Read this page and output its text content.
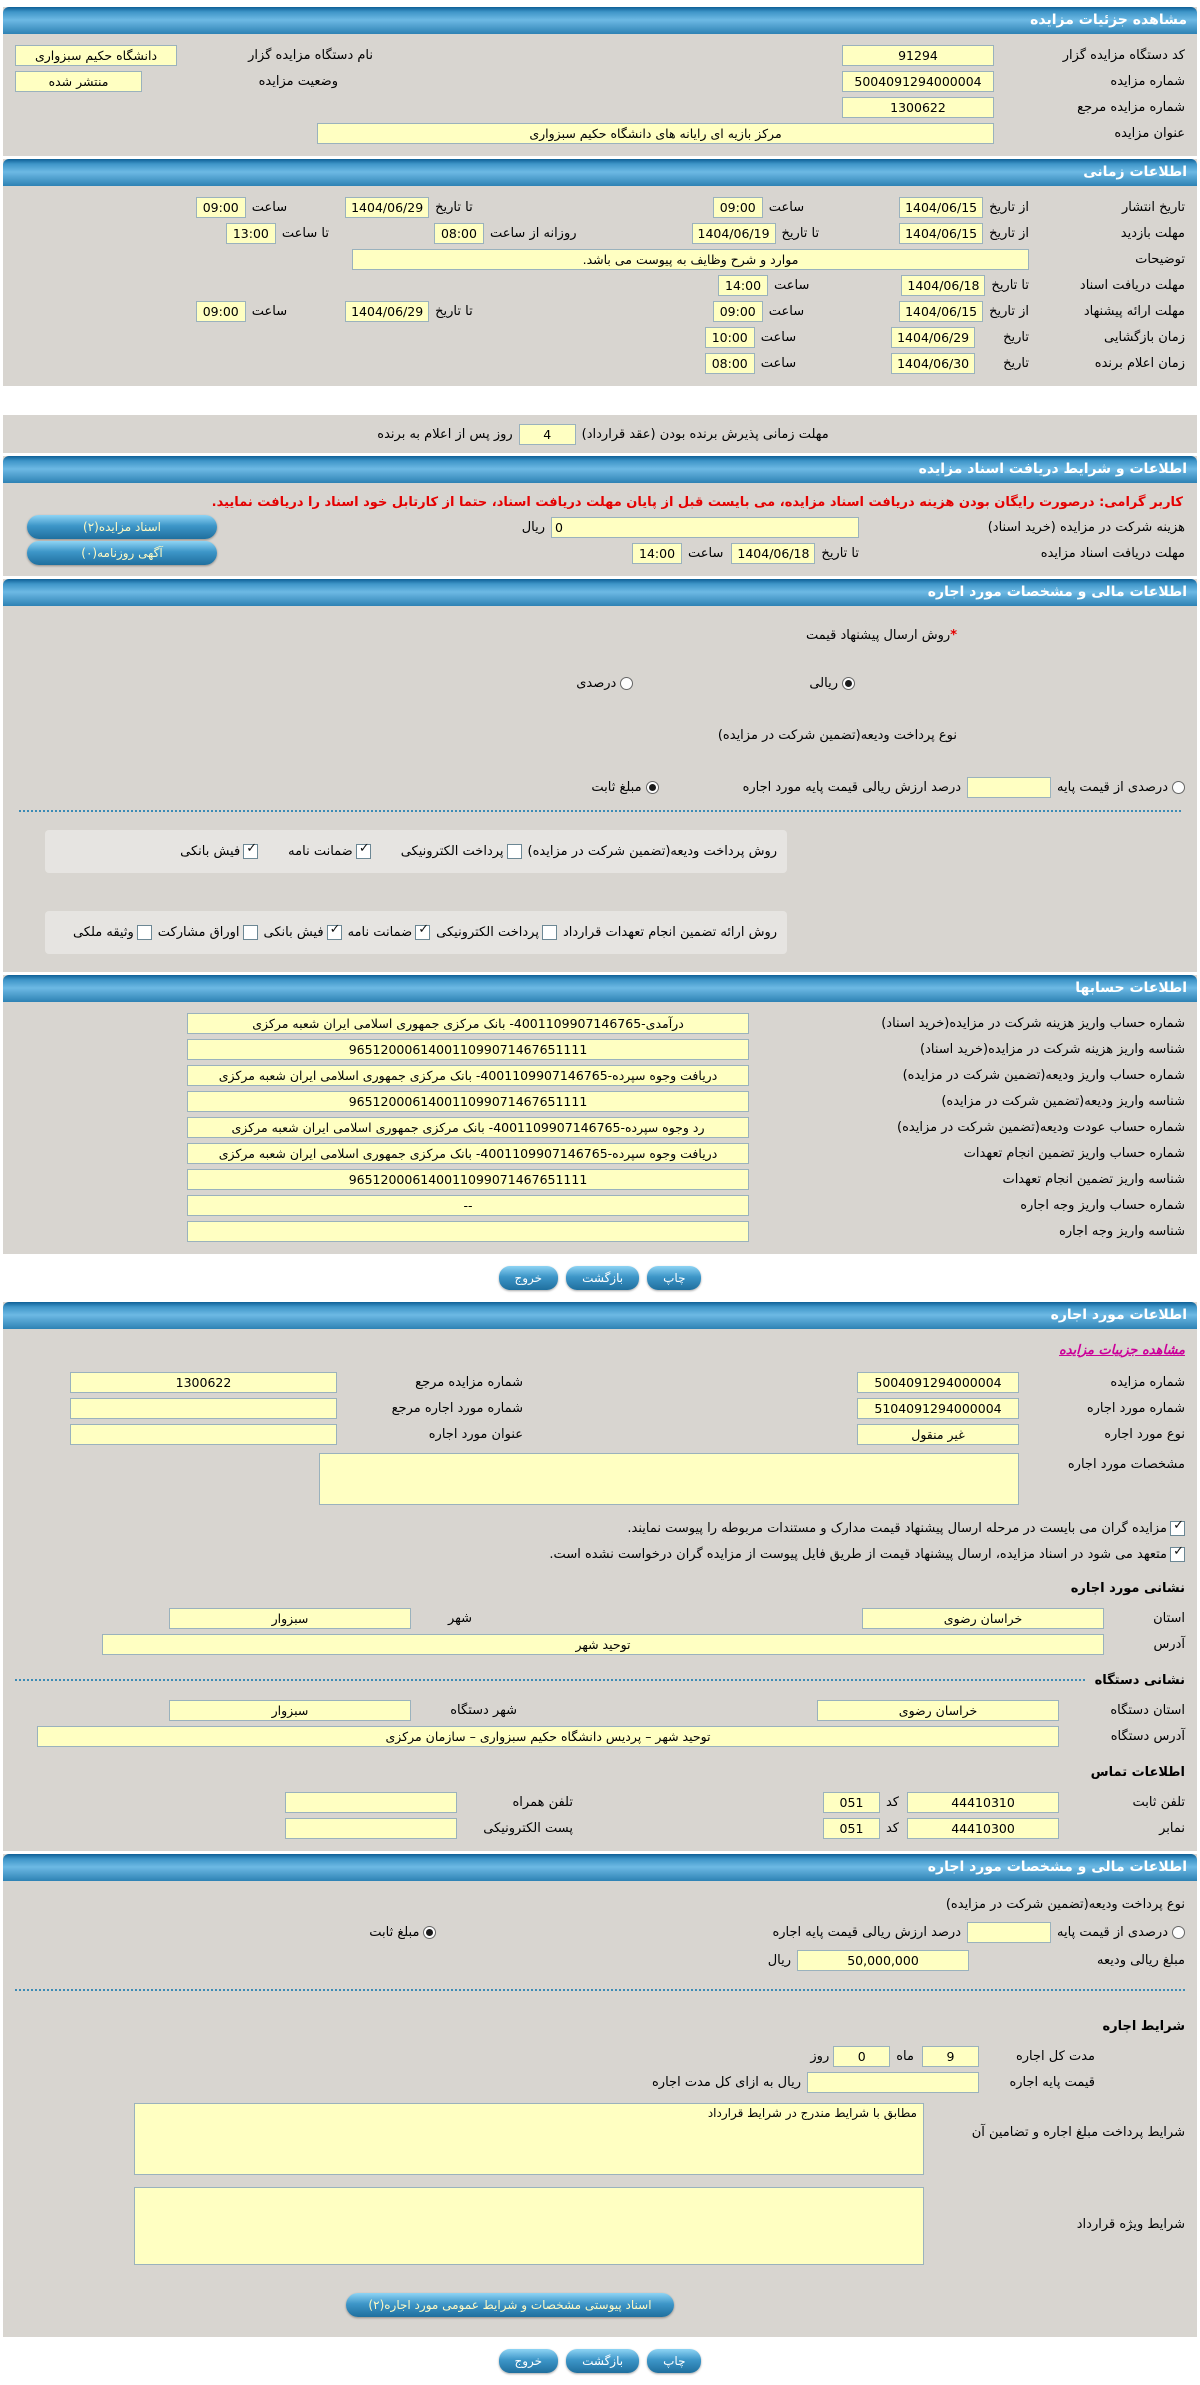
مشاهده جزئیات مزایده
کد دستگاه مزایده گزار
91294
نام دستگاه مزایده گزار
دانشگاه حکیم سبزواری
شماره مزایده
5004091294000004
وضعیت مزایده
منتشر شده
شماره مزایده مرجع
1300622
عنوان مزایده
مرکز بازیه ای رایانه های دانشگاه حکیم سبزواری
اطلاعات زمانی
تاریخ انتشار
از تاریخ
1404/06/15
ساعت
09:00
تا تاریخ
1404/06/29
ساعت
09:00
مهلت بازدید
از تاریخ
1404/06/15
تا تاریخ
1404/06/19
روزانه از ساعت
08:00
تا ساعت
13:00
توضیحات
موارد و شرح وظایف به پیوست می باشد.
مهلت دریافت اسناد
تا تاریخ
1404/06/18
ساعت
14:00
مهلت ارائه پیشنهاد
از تاریخ
1404/06/15
ساعت
09:00
تا تاریخ
1404/06/29
ساعت
09:00
زمان بازگشایی
تاریخ
1404/06/29
ساعت
10:00
زمان اعلام برنده
تاریخ
1404/06/30
ساعت
08:00
مهلت زمانی پذیرش برنده بودن (عقد قرارداد)
4
روز پس از اعلام به برنده
اطلاعات و شرایط دریافت اسناد مزایده
کاربر گرامی: درصورت رایگان بودن هزینه دریافت اسناد مزایده، می بایست قبل از پایان مهلت دریافت اسناد، حتما از کارتابل خود اسناد را دریافت نمایید.
هزینه شرکت در مزایده (خرید اسناد)
0
ریال
اسناد مزایده(۲)
مهلت دریافت اسناد مزایده
تا تاریخ
1404/06/18
ساعت
14:00
آگهی روزنامه(۰)
اطلاعات مالی و مشخصات مورد اجاره
*
روش ارسال پیشنهاد قیمت
ریالی
درصدی
نوع پرداخت ودیعه(تضمین شرکت در مزایده)
درصدی از قیمت پایه
درصد ارزش ریالی قیمت پایه مورد اجاره
مبلغ ثابت
روش پرداخت ودیعه(تضمین شرکت در مزایده)
پرداخت الکترونیکی
✓
ضمانت نامه
✓
فیش بانکی
روش ارائه تضمین انجام تعهدات قرارداد
پرداخت الکترونیکی
✓
ضمانت نامه
✓
فیش بانکی
اوراق مشارکت
وثیقه ملکی
اطلاعات حسابها
شماره حساب واریز هزینه شرکت در مزایده(خرید اسناد)
درآمدی-4001109907146765- بانک مرکزی جمهوری اسلامی ایران شعبه مرکزی
شناسه واریز هزینه شرکت در مزایده(خرید اسناد)
965120006140011099071467651111
شماره حساب واریز ودیعه(تضمین شرکت در مزایده)
دریافت وجوه سپرده-4001109907146765- بانک مرکزی جمهوری اسلامی ایران شعبه مرکزی
شناسه واریز ودیعه(تضمین شرکت در مزایده)
965120006140011099071467651111
شماره حساب عودت ودیعه(تضمین شرکت در مزایده)
رد وجوه سپرده-4001109907146765- بانک مرکزی جمهوری اسلامی ایران شعبه مرکزی
شماره حساب واریز تضمین انجام تعهدات
دریافت وجوه سپرده-4001109907146765- بانک مرکزی جمهوری اسلامی ایران شعبه مرکزی
شناسه واریز تضمین انجام تعهدات
965120006140011099071467651111
شماره حساب واریز وجه اجاره
--
شناسه واریز وجه اجاره
چاپ
بازگشت
خروج
اطلاعات مورد اجاره
مشاهده جزییات مزایده
شماره مزایده
5004091294000004
شماره مزایده مرجع
1300622
شماره مورد اجاره
5104091294000004
شماره مورد اجاره مرجع
نوع مورد اجاره
غیر منقول
عنوان مورد اجاره
مشخصات مورد اجاره
✓
مزایده گران می بایست در مرحله ارسال پیشنهاد قیمت مدارک و مستندات مربوطه را پیوست نمایند.
✓
متعهد می شود در اسناد مزایده، ارسال پیشنهاد قیمت از طریق فایل پیوست از مزایده گران درخواست نشده است.
نشانی مورد اجاره
استان
خراسان رضوی
شهر
سبزوار
آدرس
توحید شهر
نشانی دستگاه
استان دستگاه
خراسان رضوی
شهر دستگاه
سبزوار
آدرس دستگاه
توحید شهر – پردیس دانشگاه حکیم سبزواری – سازمان مرکزی
اطلاعات تماس
تلفن ثابت
44410310
کد
051
تلفن همراه
نمابر
44410300
کد
051
پست الکترونیکی
اطلاعات مالی و مشخصات مورد اجاره
نوع پرداخت ودیعه(تضمین شرکت در مزایده)
درصدی از قیمت پایه
درصد ارزش ریالی قیمت پایه اجاره
مبلغ ثابت
مبلغ ریالی ودیعه
50,000,000
ریال
شرایط اجاره
مدت کل اجاره
9
ماه
0
روز
قیمت پایه اجاره
ریال به ازای کل مدت اجاره
شرایط پرداخت مبلغ اجاره و تضامین آن
مطابق با شرایط مندرج در شرایط قرارداد
شرایط ویژه قرارداد
اسناد پیوستی مشخصات و شرایط عمومی مورد اجاره(۲)
چاپ
بازگشت
خروج
